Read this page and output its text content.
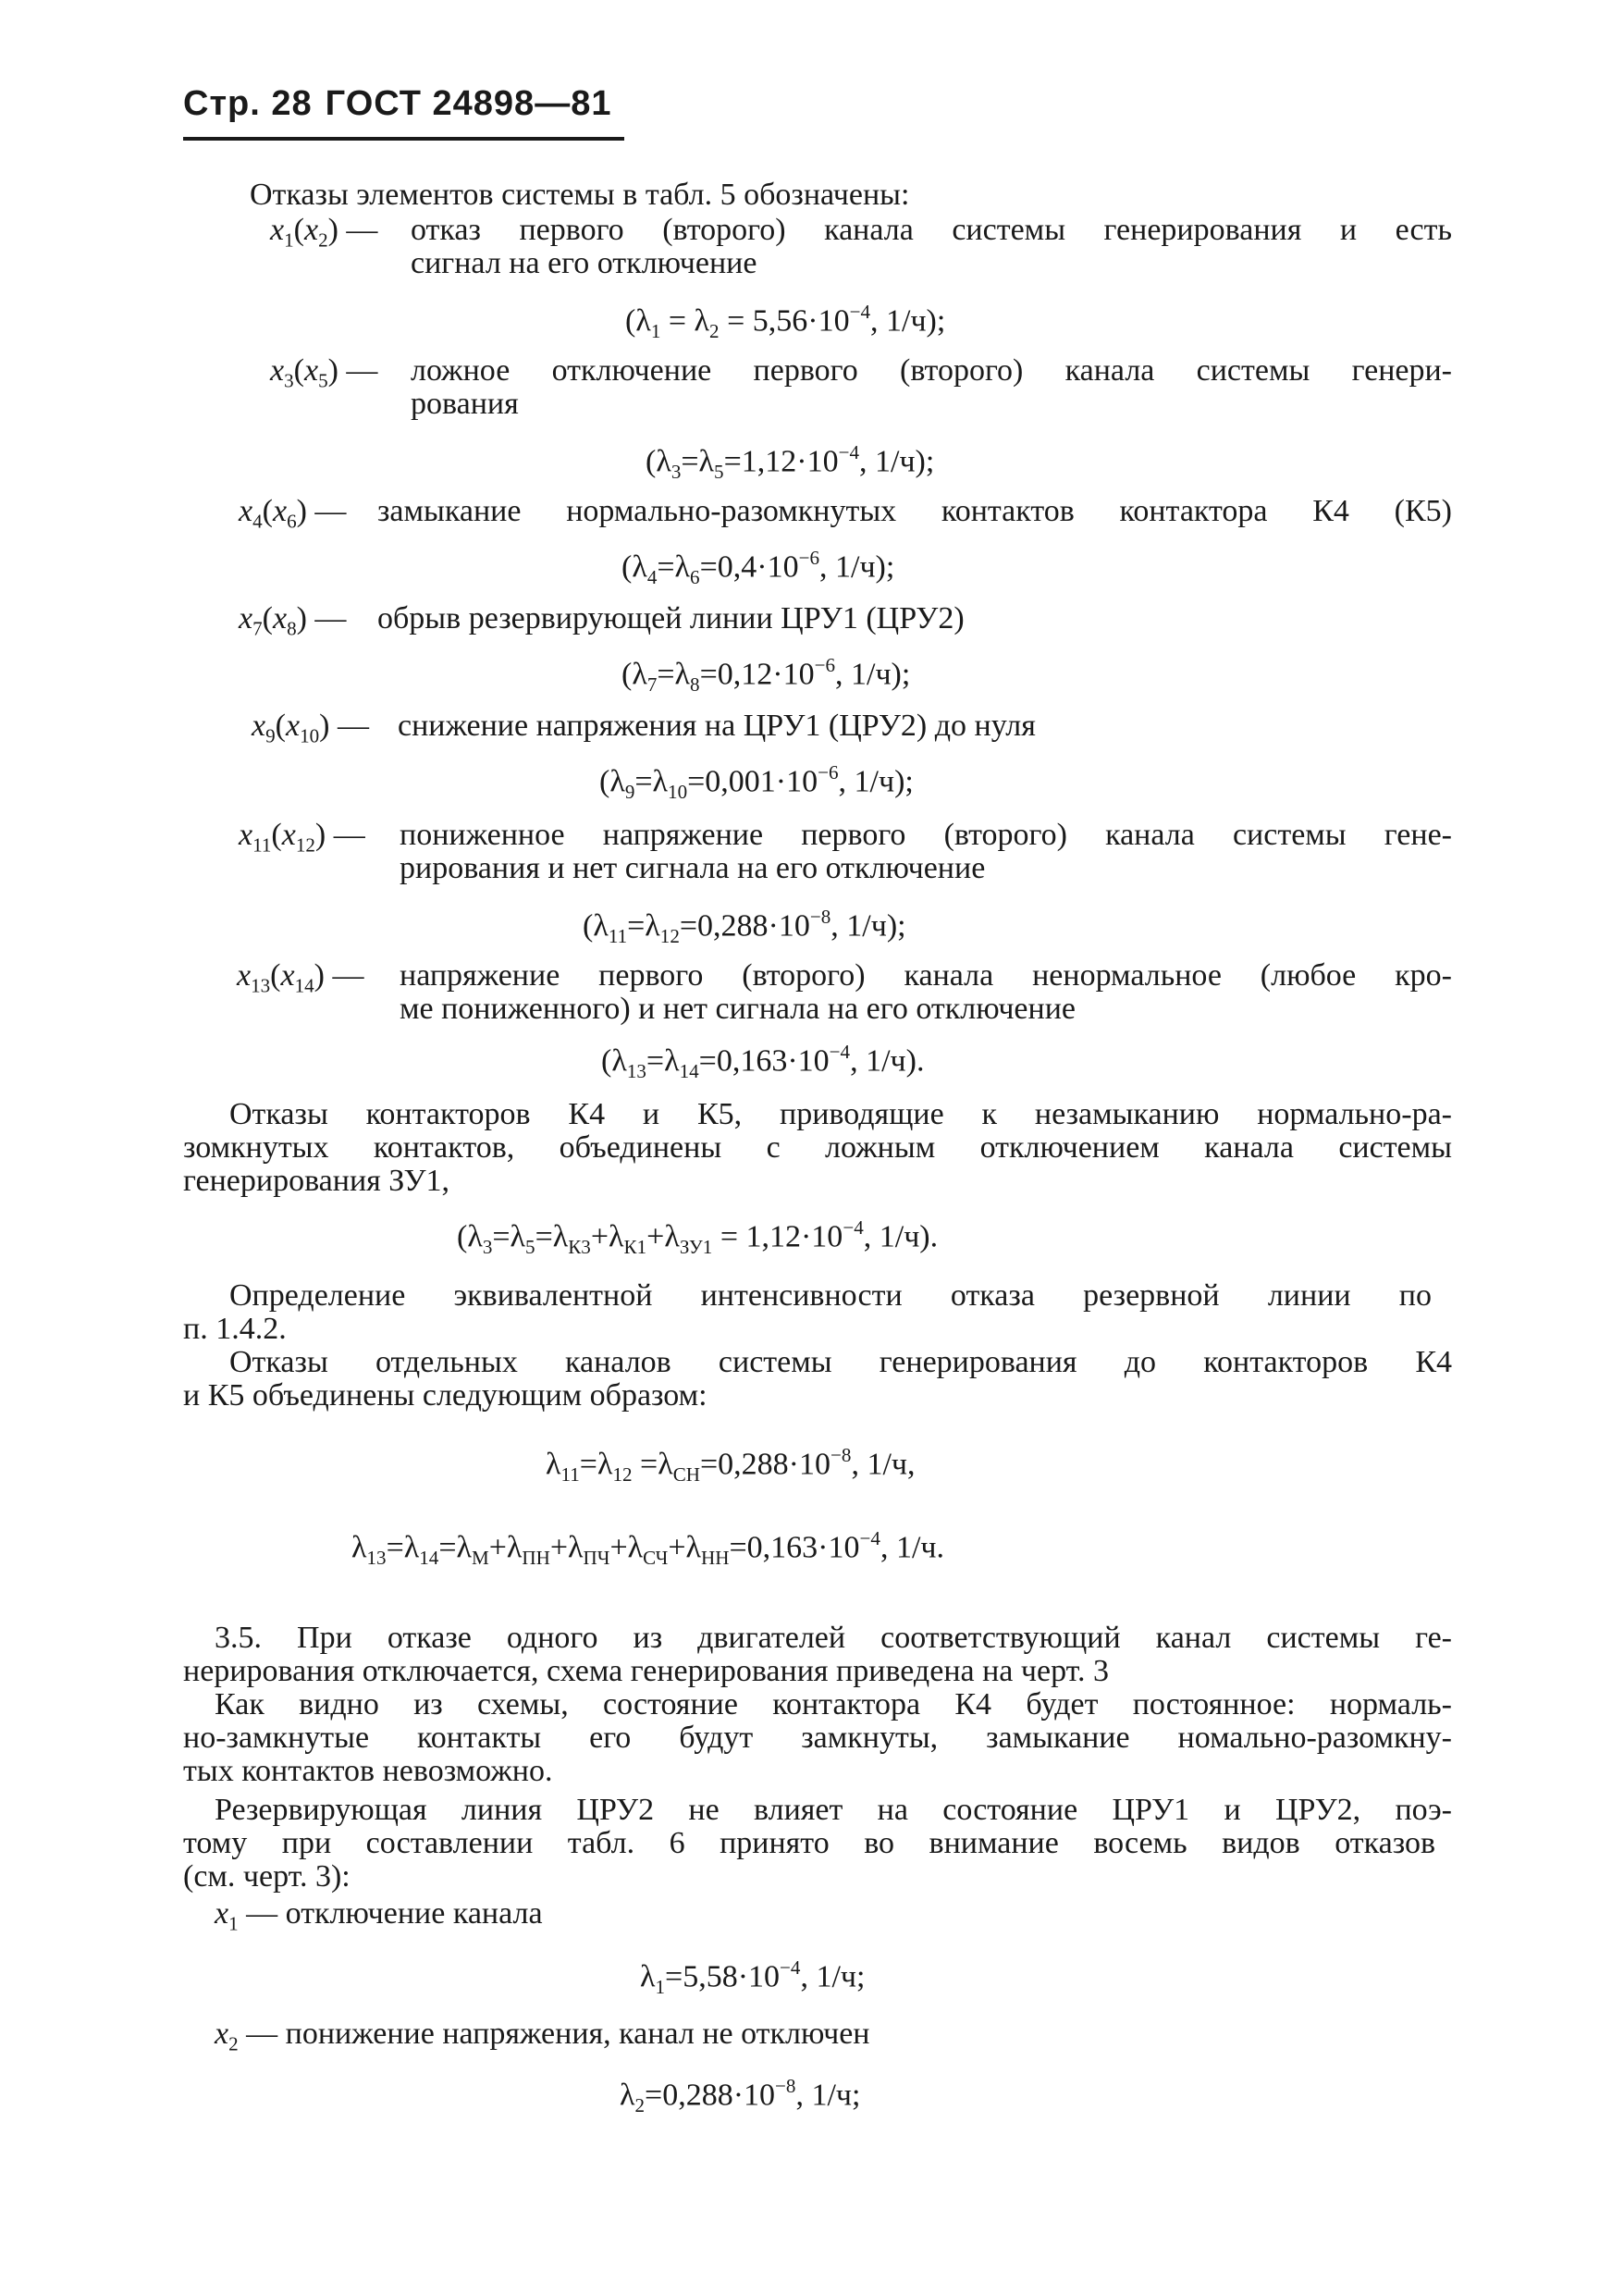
Стр. 28 ГОСТ 24898—81
Отказы элементов системы в табл. 5 обозначены:
$x_1(x_2)$ — отказ первого (второго) канала системы генерирования и есть
сигнал на его отключение
($\lambda_1 = \lambda_2 = 5,56\cdot 10^{-4}$, 1/ч);
$x_3(x_5)$ — ложное отключение первого (второго) канала системы генери-
рования
($\lambda_3=\lambda_5=1,12\cdot 10^{-4}$, 1/ч);
$x_4(x_6)$ — замыкание нормально-разомкнутых контактов контактора К4 (К5)
($\lambda_4=\lambda_6=0,4\cdot 10^{-6}$, 1/ч);
$x_7(x_8)$ — обрыв резервирующей линии ЦРУ1 (ЦРУ2)
($\lambda_7=\lambda_8=0,12\cdot 10^{-6}$, 1/ч);
$x_9(x_{10})$ — снижение напряжения на ЦРУ1 (ЦРУ2) до нуля
($\lambda_9=\lambda_{10}=0,001\cdot 10^{-6}$, 1/ч);
$x_{11}(x_{12})$ — пониженное напряжение первого (второго) канала системы гене-
рирования и нет сигнала на его отключение
($\lambda_{11}=\lambda_{12}=0,288\cdot 10^{-8}$, 1/ч);
$x_{13}(x_{14})$ — напряжение первого (второго) канала ненормальное (любое кро-
ме пониженного) и нет сигнала на его отключение
($\lambda_{13}=\lambda_{14}=0,163\cdot 10^{-4}$, 1/ч).
Отказы контакторов К4 и К5, приводящие к незамыканию нормально-ра-
зомкнутых контактов, объединены с ложным отключением канала системы
генерирования ЗУ1,
($\lambda_3=\lambda_5=\lambda_{К3}+\lambda_{К1}+\lambda_{ЗУ1} = 1,12\cdot 10^{-4}$, 1/ч).
Определение эквивалентной интенсивности отказа резервной линии по
п. 1.4.2.
Отказы отдельных каналов системы генерирования до контакторов К4
и К5 объединены следующим образом:
$\lambda_{11}=\lambda_{12} =\lambda_{СН}=0,288\cdot 10^{-8}$, 1/ч,
$\lambda_{13}=\lambda_{14}=\lambda_М+\lambda_{ПН}+\lambda_{ПЧ}+\lambda_{СЧ}+\lambda_{НН}=0,163\cdot 10^{-4}$, 1/ч.
3.5. При отказе одного из двигателей соответствующий канал системы ге-
нерирования отключается, схема генерирования приведена на черт. 3
Как видно из схемы, состояние контактора К4 будет постоянное: нормаль-
но-замкнутые контакты его будут замкнуты, замыкание номально-разомкну-
тых контактов невозможно.
Резервирующая линия ЦРУ2 не влияет на состояние ЦРУ1 и ЦРУ2, поэ-
тому при составлении табл. 6 принято во внимание восемь видов отказов
(см. черт. 3):
$x_1$ — отключение канала
$\lambda_1=5,58\cdot 10^{-4}$, 1/ч;
$x_2$ — понижение напряжения, канал не отключен
$\lambda_2=0,288\cdot 10^{-8}$, 1/ч;
